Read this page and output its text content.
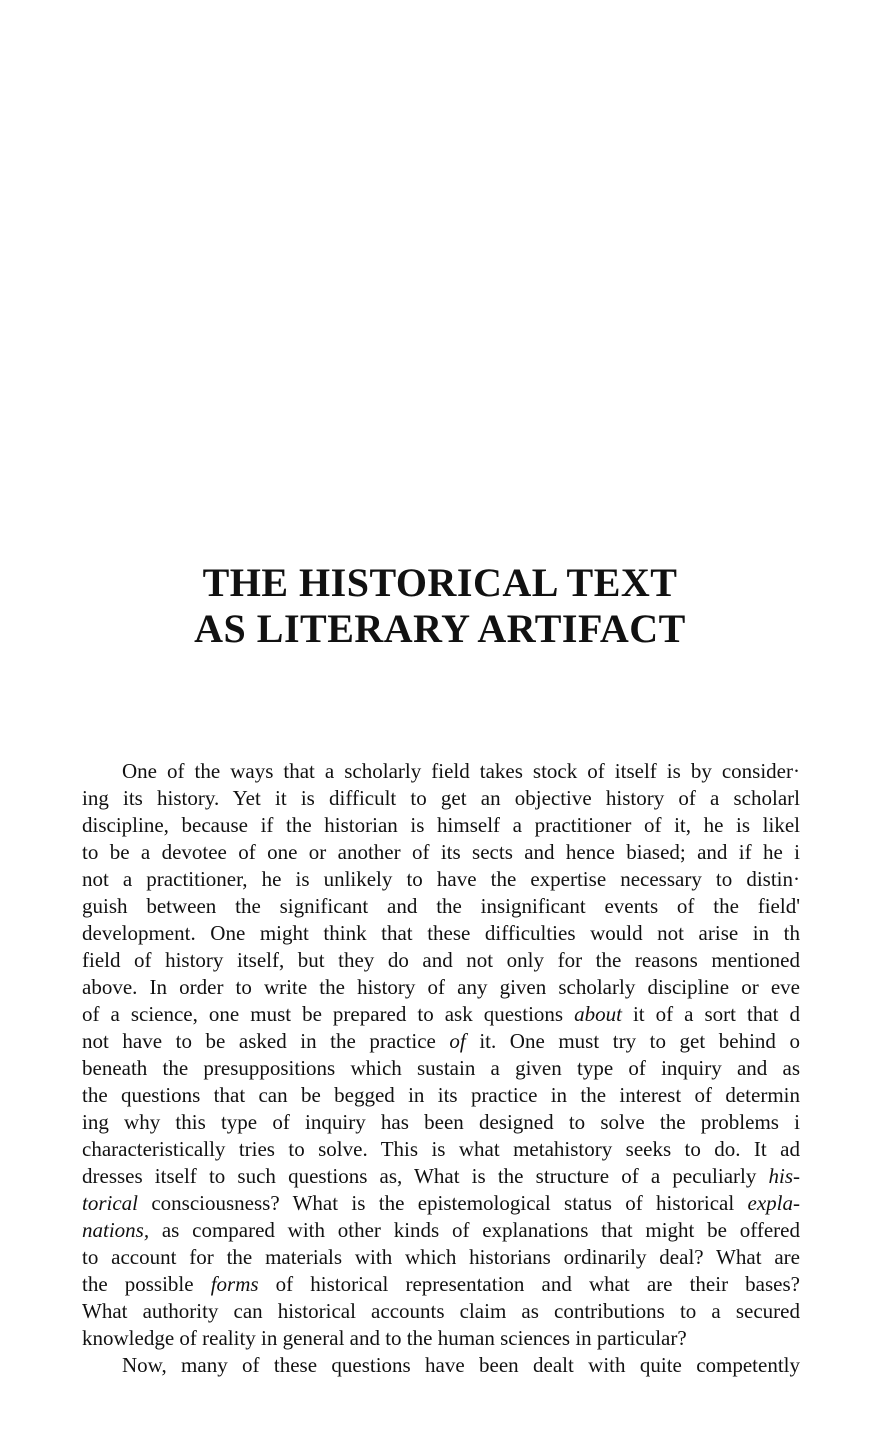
THE HISTORICAL TEXT
AS LITERARY ARTIFACT
One of the ways that a scholarly field takes stock of itself is by consider·
ing its history. Yet it is difficult to get an objective history of a scholarl
discipline, because if the historian is himself a practitioner of it, he is likel
to be a devotee of one or another of its sects and hence biased; and if he i
not a practitioner, he is unlikely to have the expertise necessary to distin·
guish between the significant and the insignificant events of the field'
development. One might think that these difficulties would not arise in th
field of history itself, but they do and not only for the reasons mentioned
above. In order to write the history of any given scholarly discipline or eve
of a science, one must be prepared to ask questions about it of a sort that d
not have to be asked in the practice of it. One must try to get behind o
beneath the presuppositions which sustain a given type of inquiry and as
the questions that can be begged in its practice in the interest of determin
ing why this type of inquiry has been designed to solve the problems i
characteristically tries to solve. This is what metahistory seeks to do. It ad
dresses itself to such questions as, What is the structure of a peculiarly his-
torical consciousness? What is the epistemological status of historical expla-
nations, as compared with other kinds of explanations that might be offered
to account for the materials with which historians ordinarily deal? What are
the possible forms of historical representation and what are their bases?
What authority can historical accounts claim as contributions to a secured
knowledge of reality in general and to the human sciences in particular?
Now, many of these questions have been dealt with quite competently
